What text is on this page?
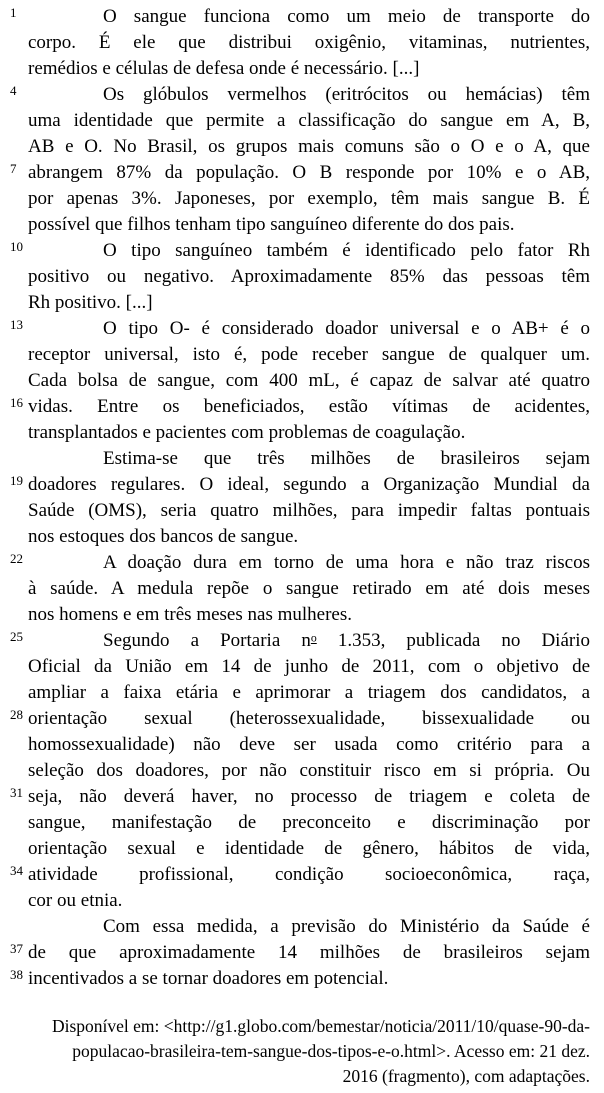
1	O sangue funciona como um meio de transporte do
corpo. É ele que distribui oxigênio, vitaminas, nutrientes,
remédios e células de defesa onde é necessário. [...]
4	Os glóbulos vermelhos (eritrócitos ou hemácias) têm
uma identidade que permite a classificação do sangue em A, B,
AB e O. No Brasil, os grupos mais comuns são o O e o A, que
7 abrangem 87% da população. O B responde por 10% e o AB,
por apenas 3%. Japoneses, por exemplo, têm mais sangue B. É
possível que filhos tenham tipo sanguíneo diferente do dos pais.
10	O tipo sanguíneo também é identificado pelo fator Rh
positivo ou negativo. Aproximadamente 85% das pessoas têm
Rh positivo. [...]
13	O tipo O- é considerado doador universal e o AB+ é o
receptor universal, isto é, pode receber sangue de qualquer um.
Cada bolsa de sangue, com 400 mL, é capaz de salvar até quatro
16 vidas. Entre os beneficiados, estão vítimas de acidentes,
transplantados e pacientes com problemas de coagulação.
Estima-se que três milhões de brasileiros sejam
19 doadores regulares. O ideal, segundo a Organização Mundial da
Saúde (OMS), seria quatro milhões, para impedir faltas pontuais
nos estoques dos bancos de sangue.
22	A doação dura em torno de uma hora e não traz riscos
à saúde. A medula repõe o sangue retirado em até dois meses
nos homens e em três meses nas mulheres.
25	Segundo a Portaria $n^o$ 1.353, publicada no Diário
Oficial da União em 14 de junho de 2011, com o objetivo de
ampliar a faixa etária e aprimorar a triagem dos candidatos, a
28 orientação sexual (heterossexualidade, bissexualidade ou
homossexualidade) não deve ser usada como critério para a
seleção dos doadores, por não constituir risco em si própria. Ou
31 seja, não deverá haver, no processo de triagem e coleta de
sangue, manifestação de preconceito e discriminação por
orientação sexual e identidade de gênero, hábitos de vida,
34 atividade profissional, condição socioeconômica, raça,
cor ou etnia.
Com essa medida, a previsão do Ministério da Saúde é
37 de que aproximadamente 14 milhões de brasileiros sejam
38 incentivados a se tornar doadores em potencial.
Disponível em: <http://g1.globo.com/bemestar/noticia/2011/10/quase-90-da-
populacao-brasileira-tem-sangue-dos-tipos-e-o.html>. Acesso em: 21 dez.
2016 (fragmento), com adaptações.
